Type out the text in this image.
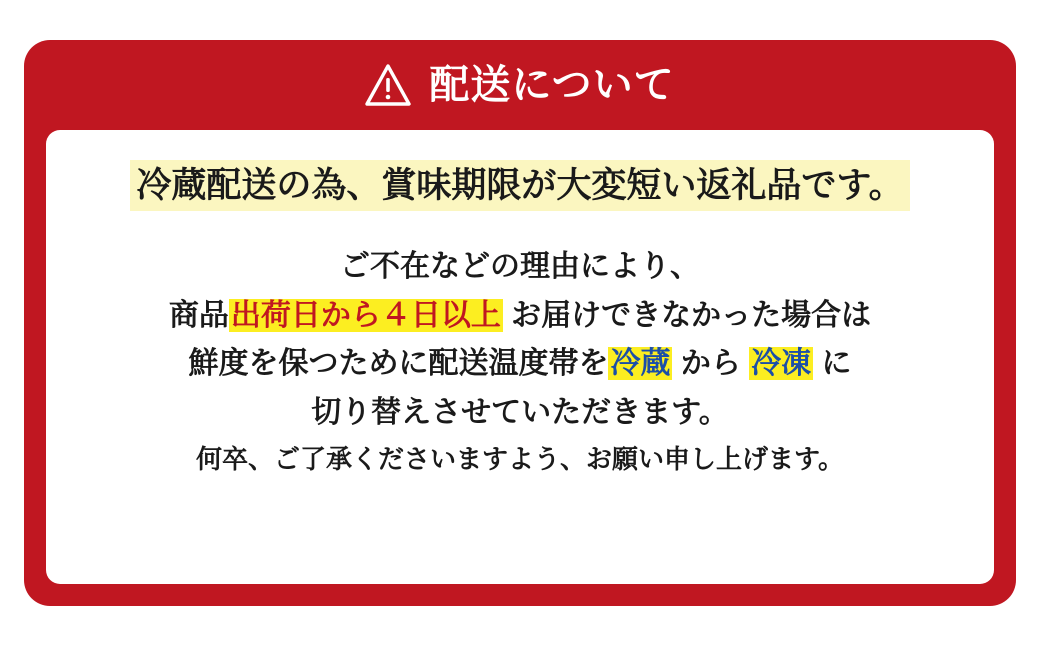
配送について
冷蔵配送の為、賞味期限が大変短い返礼品です。

ご不在などの理由により、

商品出荷日から４日以上 お届けできなかった場合は

鮮度を保つために配送温度帯を冷蔵 から 冷凍 に

切り替えさせていただきます。

何卒、ご了承くださいますよう、お願い申し上げます。
